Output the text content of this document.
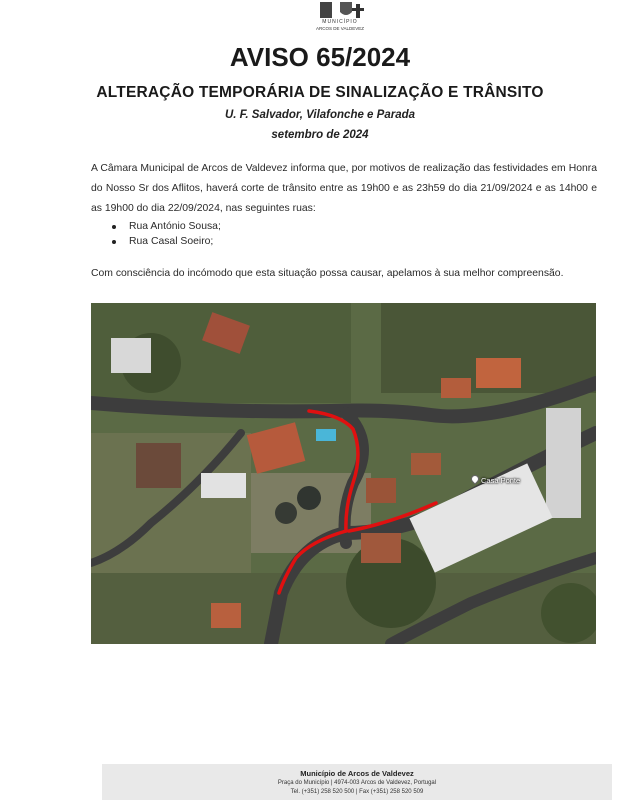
MUNICÍPIO
ARCOS DE VALDEVEZ
AVISO 65/2024
ALTERAÇÃO TEMPORÁRIA DE SINALIZAÇÃO E TRÂNSITO
U. F. Salvador, Vilafonche e Parada
setembro de 2024
A Câmara Municipal de Arcos de Valdevez informa que, por motivos de realização das festividades em Honra do Nosso Sr dos Aflitos, haverá corte de trânsito entre as 19h00 e as 23h59 do dia 21/09/2024 e as 14h00 e as 19h00 do dia 22/09/2024, nas seguintes ruas:
Rua António Sousa;
Rua Casal Soeiro;
Com consciência do incómodo que esta situação possa causar, apelamos à sua melhor compreensão.
Casa Ponte
Município de Arcos de Valdevez
Praça do Município | 4974-003 Arcos de Valdevez, Portugal
Tel. (+351) 258 520 500 | Fax (+351) 258 520 509
